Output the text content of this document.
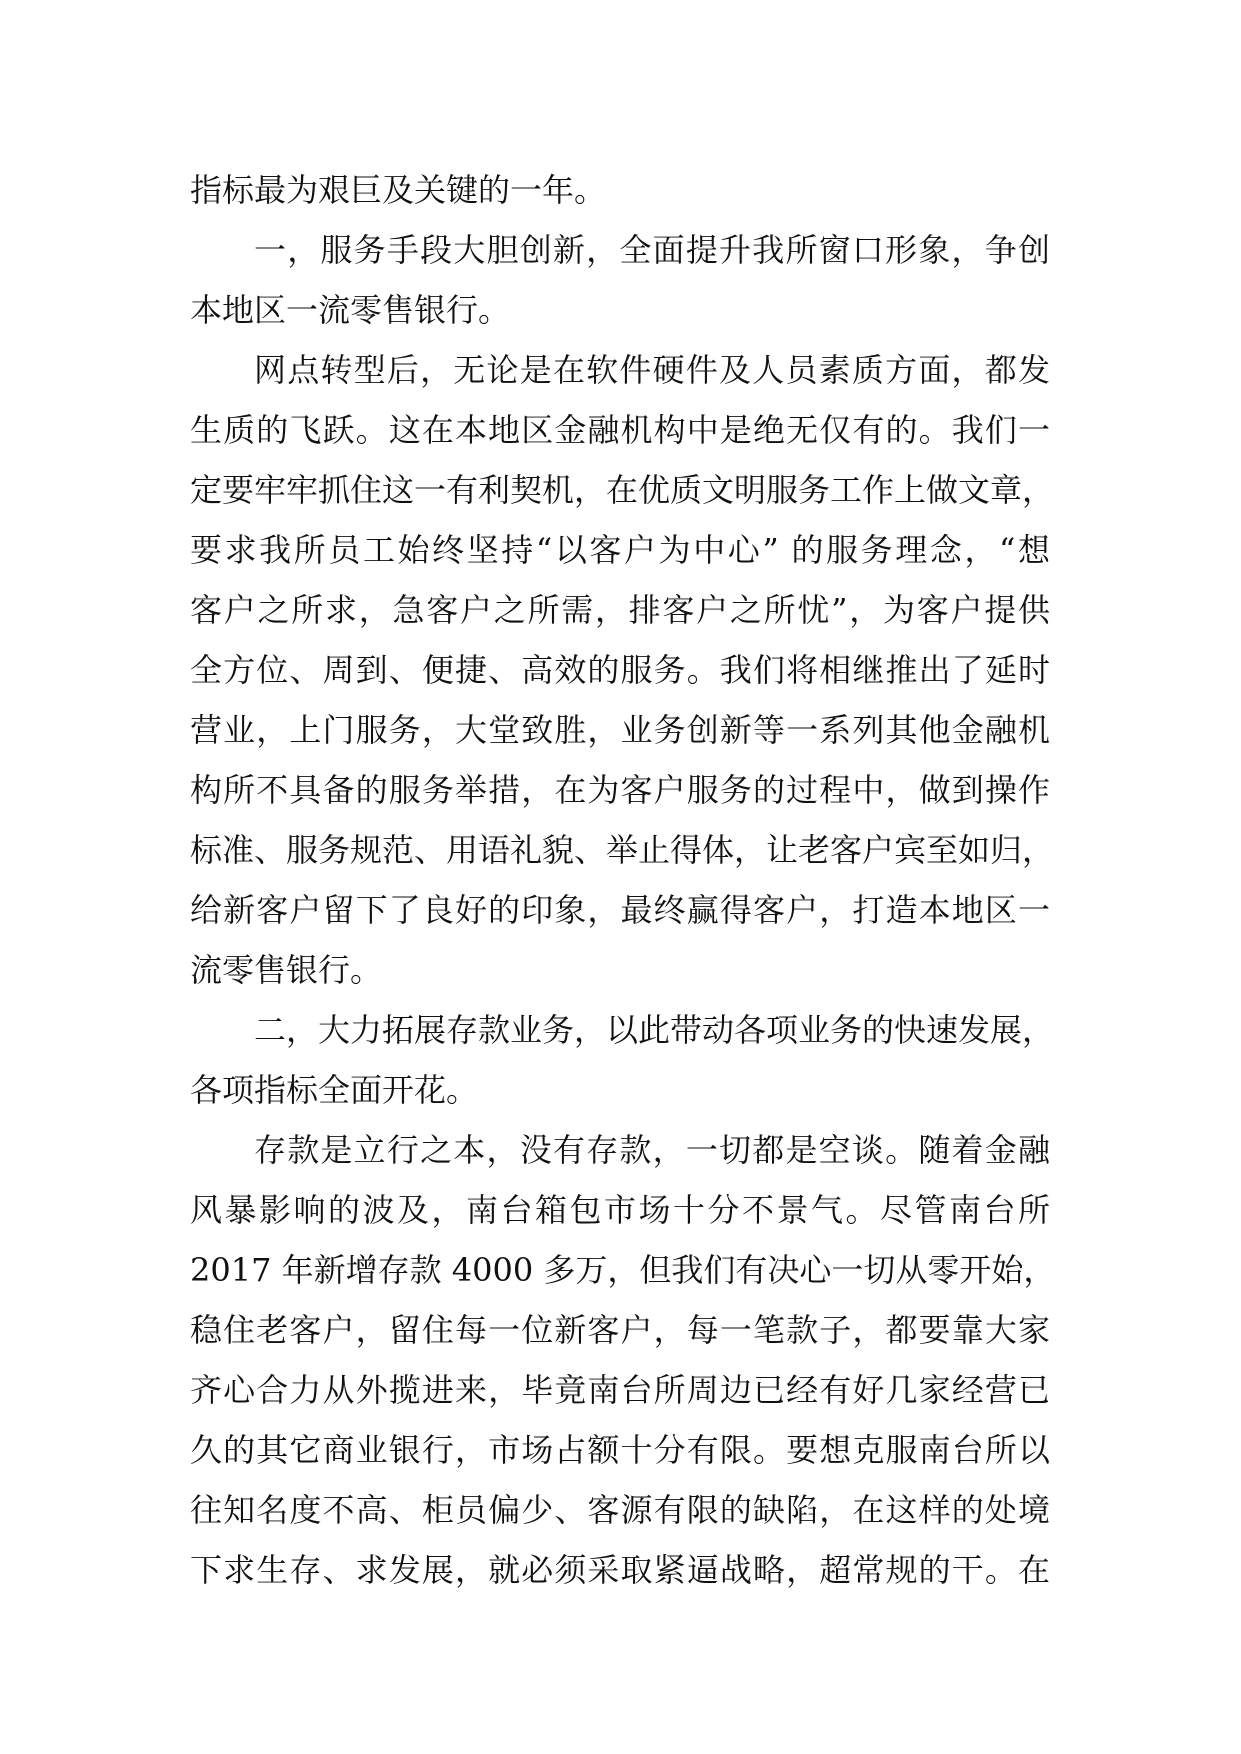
指标最为艰巨及关键的一年。
一，服务手段大胆创新，全面提升我所窗口形象，争创
本地区一流零售银行。
网点转型后，无论是在软件硬件及人员素质方面，都发
生质的飞跃。这在本地区金融机构中是绝无仅有的。我们一
定要牢牢抓住这一有利契机，在优质文明服务工作上做文章，
要求我所员工始终坚持“以客户为中心” 的服务理念，“想
客户之所求，急客户之所需，排客户之所忧”，为客户提供
全方位、周到、便捷、高效的服务。我们将相继推出了延时
营业，上门服务，大堂致胜，业务创新等一系列其他金融机
构所不具备的服务举措，在为客户服务的过程中，做到操作
标准、服务规范、用语礼貌、举止得体，让老客户宾至如归，
给新客户留下了良好的印象，最终赢得客户，打造本地区一
流零售银行。
二，大力拓展存款业务，以此带动各项业务的快速发展，
各项指标全面开花。
存款是立行之本，没有存款，一切都是空谈。随着金融
风暴影响的波及，南台箱包市场十分不景气。尽管南台所
2017 年新增存款 4000 多万，但我们有决心一切从零开始，
稳住老客户，留住每一位新客户，每一笔款子，都要靠大家
齐心合力从外揽进来，毕竟南台所周边已经有好几家经营已
久的其它商业银行，市场占额十分有限。要想克服南台所以
往知名度不高、柜员偏少、客源有限的缺陷，在这样的处境
下求生存、求发展，就必须采取紧逼战略，超常规的干。在
